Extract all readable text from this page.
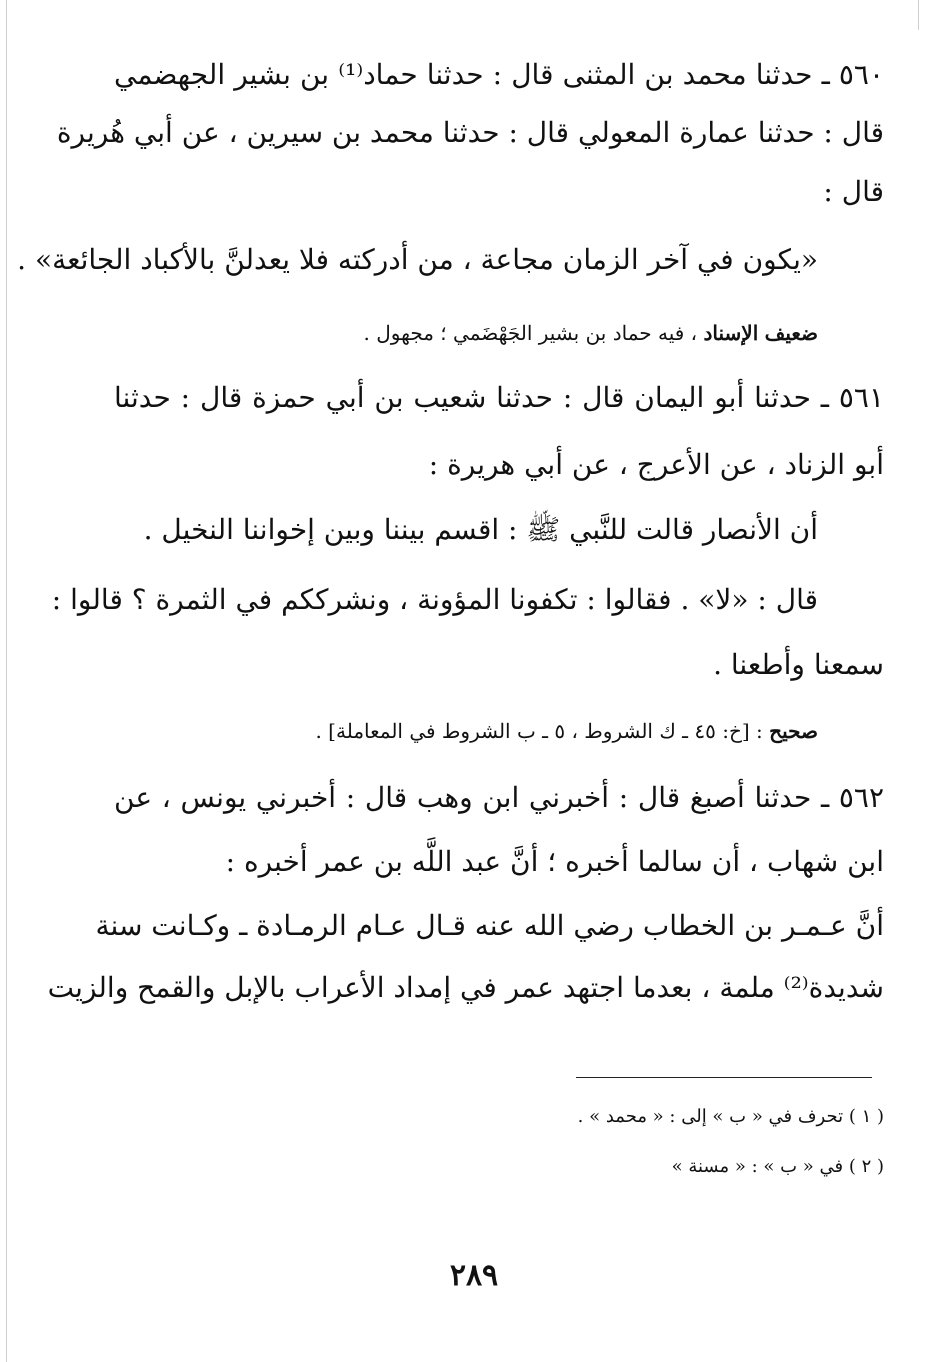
٥٦٠ ـ حدثنا محمد بن المثنى قال : حدثنا حماد⁽¹⁾ بن بشير الجهضمي

قال : حدثنا عمارة المعولي قال : حدثنا محمد بن سيرين ، عن أبي هُريرة

قال :

«يكون في آخر الزمان مجاعة ، من أدركته فلا يعدلنَّ بالأكباد الجائعة» .

ضعيف الإسناد ، فيه حماد بن بشير الجَهْضَمي ؛ مجهول .

٥٦١ ـ حدثنا أبو اليمان قال : حدثنا شعيب بن أبي حمزة قال : حدثنا

أبو الزناد ، عن الأعرج ، عن أبي هريرة :

أن الأنصار قالت للنَّبي ﷺ : اقسم بيننا وبين إخواننا النخيل .

قال : «لا» . فقالوا : تكفونا المؤونة ، ونشرككم في الثمرة ؟ قالوا :

سمعنا وأطعنا .

صحيح : [خ: ٤٥ ـ ك الشروط ، ٥ ـ ب الشروط في المعاملة] .

٥٦٢ ـ حدثنا أصبغ قال : أخبرني ابن وهب قال : أخبرني يونس ، عن

ابن شهاب ، أن سالما أخبره ؛ أنَّ عبد اللَّه بن عمر أخبره :

أنَّ عـمـر بن الخطاب رضي الله عنه قـال عـام الرمـادة ـ وكـانت سنة

شديدة⁽²⁾ ملمة ، بعدما اجتهد عمر في إمداد الأعراب بالإبل والقمح والزيت

( ١ ) تحرف في « ب » إلى : « محمد » .

( ٢ ) في « ب » : « مسنة »

٢٨٩
